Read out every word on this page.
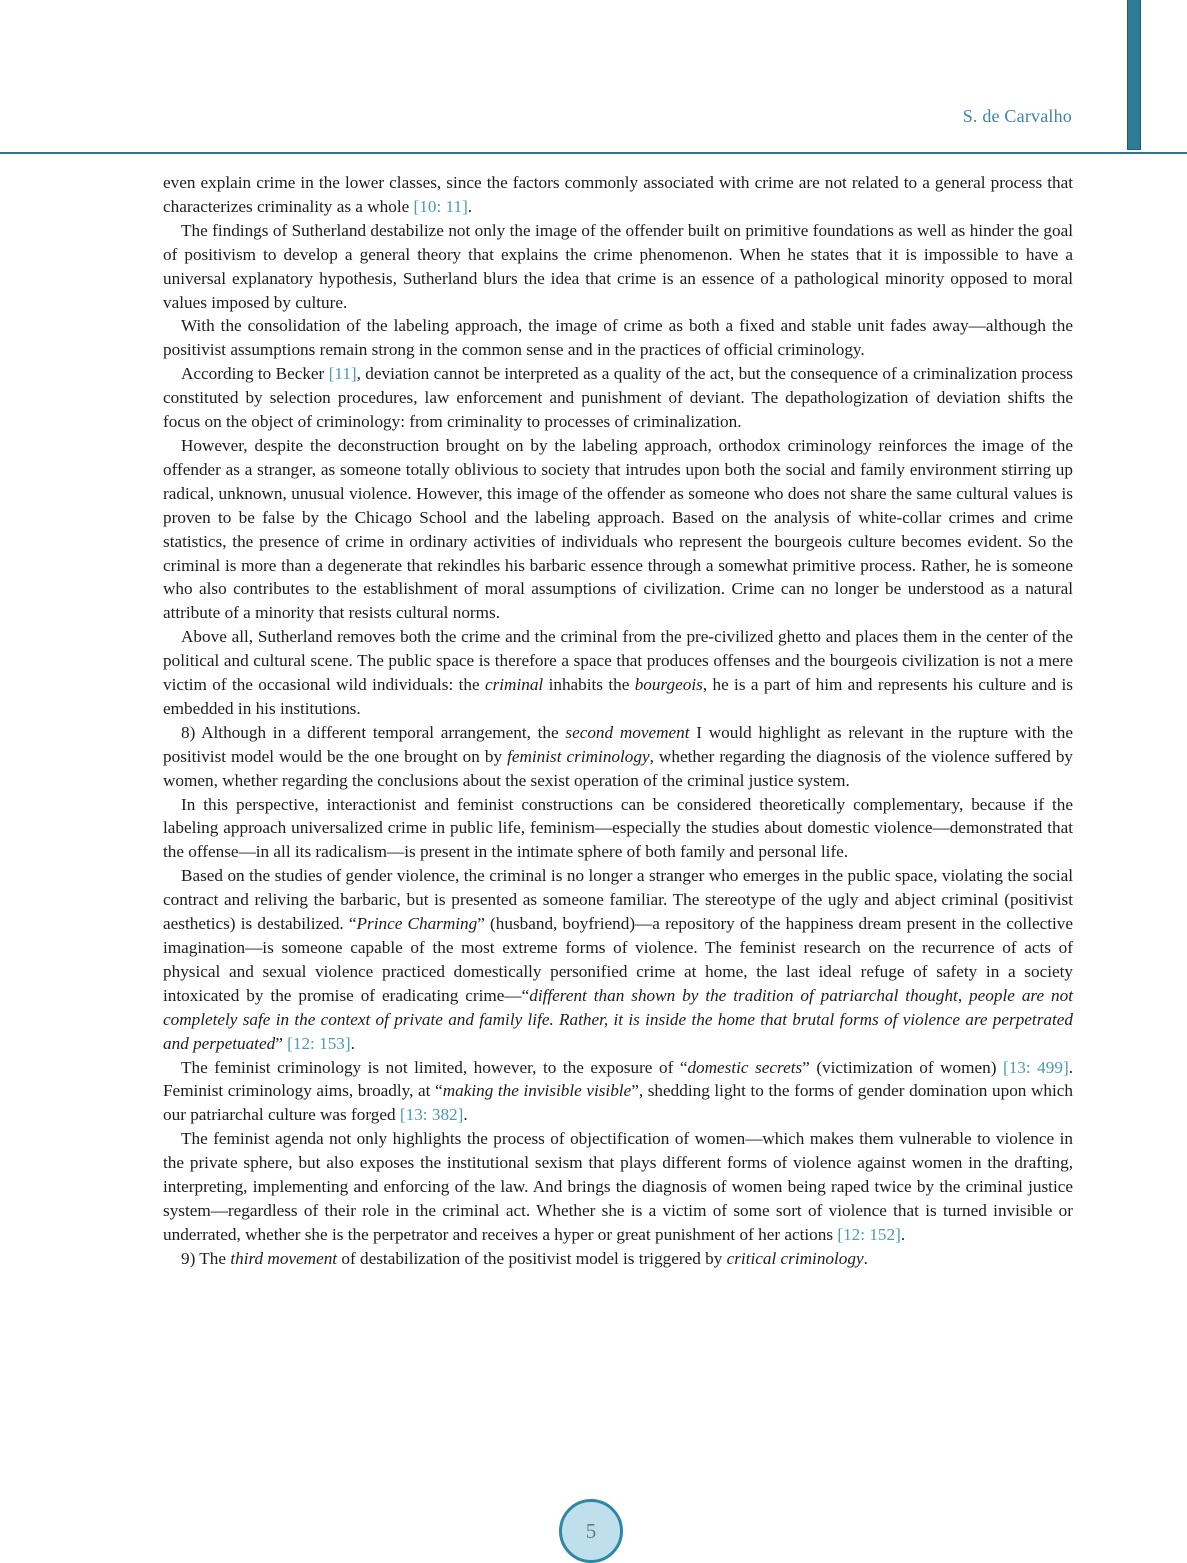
S. de Carvalho

even explain crime in the lower classes, since the factors commonly associated with crime are not related to a general process that characterizes criminality as a whole [10: 11].

The findings of Sutherland destabilize not only the image of the offender built on primitive foundations as well as hinder the goal of positivism to develop a general theory that explains the crime phenomenon. When he states that it is impossible to have a universal explanatory hypothesis, Sutherland blurs the idea that crime is an essence of a pathological minority opposed to moral values imposed by culture.

With the consolidation of the labeling approach, the image of crime as both a fixed and stable unit fades away—although the positivist assumptions remain strong in the common sense and in the practices of official criminology.

According to Becker [11], deviation cannot be interpreted as a quality of the act, but the consequence of a criminalization process constituted by selection procedures, law enforcement and punishment of deviant. The depathologization of deviation shifts the focus on the object of criminology: from criminality to processes of criminalization.

However, despite the deconstruction brought on by the labeling approach, orthodox criminology reinforces the image of the offender as a stranger, as someone totally oblivious to society that intrudes upon both the social and family environment stirring up radical, unknown, unusual violence. However, this image of the offender as someone who does not share the same cultural values is proven to be false by the Chicago School and the labeling approach. Based on the analysis of white-collar crimes and crime statistics, the presence of crime in ordinary activities of individuals who represent the bourgeois culture becomes evident. So the criminal is more than a degenerate that rekindles his barbaric essence through a somewhat primitive process. Rather, he is someone who also contributes to the establishment of moral assumptions of civilization. Crime can no longer be understood as a natural attribute of a minority that resists cultural norms.

Above all, Sutherland removes both the crime and the criminal from the pre-civilized ghetto and places them in the center of the political and cultural scene. The public space is therefore a space that produces offenses and the bourgeois civilization is not a mere victim of the occasional wild individuals: the criminal inhabits the bourgeois, he is a part of him and represents his culture and is embedded in his institutions.

8) Although in a different temporal arrangement, the second movement I would highlight as relevant in the rupture with the positivist model would be the one brought on by feminist criminology, whether regarding the diagnosis of the violence suffered by women, whether regarding the conclusions about the sexist operation of the criminal justice system.

In this perspective, interactionist and feminist constructions can be considered theoretically complementary, because if the labeling approach universalized crime in public life, feminism—especially the studies about domestic violence—demonstrated that the offense—in all its radicalism—is present in the intimate sphere of both family and personal life.

Based on the studies of gender violence, the criminal is no longer a stranger who emerges in the public space, violating the social contract and reliving the barbaric, but is presented as someone familiar. The stereotype of the ugly and abject criminal (positivist aesthetics) is destabilized. “Prince Charming” (husband, boyfriend)—a repository of the happiness dream present in the collective imagination—is someone capable of the most extreme forms of violence. The feminist research on the recurrence of acts of physical and sexual violence practiced domestically personified crime at home, the last ideal refuge of safety in a society intoxicated by the promise of eradicating crime—“different than shown by the tradition of patriarchal thought, people are not completely safe in the context of private and family life. Rather, it is inside the home that brutal forms of violence are perpetrated and perpetuated” [12: 153].

The feminist criminology is not limited, however, to the exposure of “domestic secrets” (victimization of women) [13: 499]. Feminist criminology aims, broadly, at “making the invisible visible”, shedding light to the forms of gender domination upon which our patriarchal culture was forged [13: 382].

The feminist agenda not only highlights the process of objectification of women—which makes them vulnerable to violence in the private sphere, but also exposes the institutional sexism that plays different forms of violence against women in the drafting, interpreting, implementing and enforcing of the law. And brings the diagnosis of women being raped twice by the criminal justice system—regardless of their role in the criminal act. Whether she is a victim of some sort of violence that is turned invisible or underrated, whether she is the perpetrator and receives a hyper or great punishment of her actions [12: 152].

9) The third movement of destabilization of the positivist model is triggered by critical criminology.

5
